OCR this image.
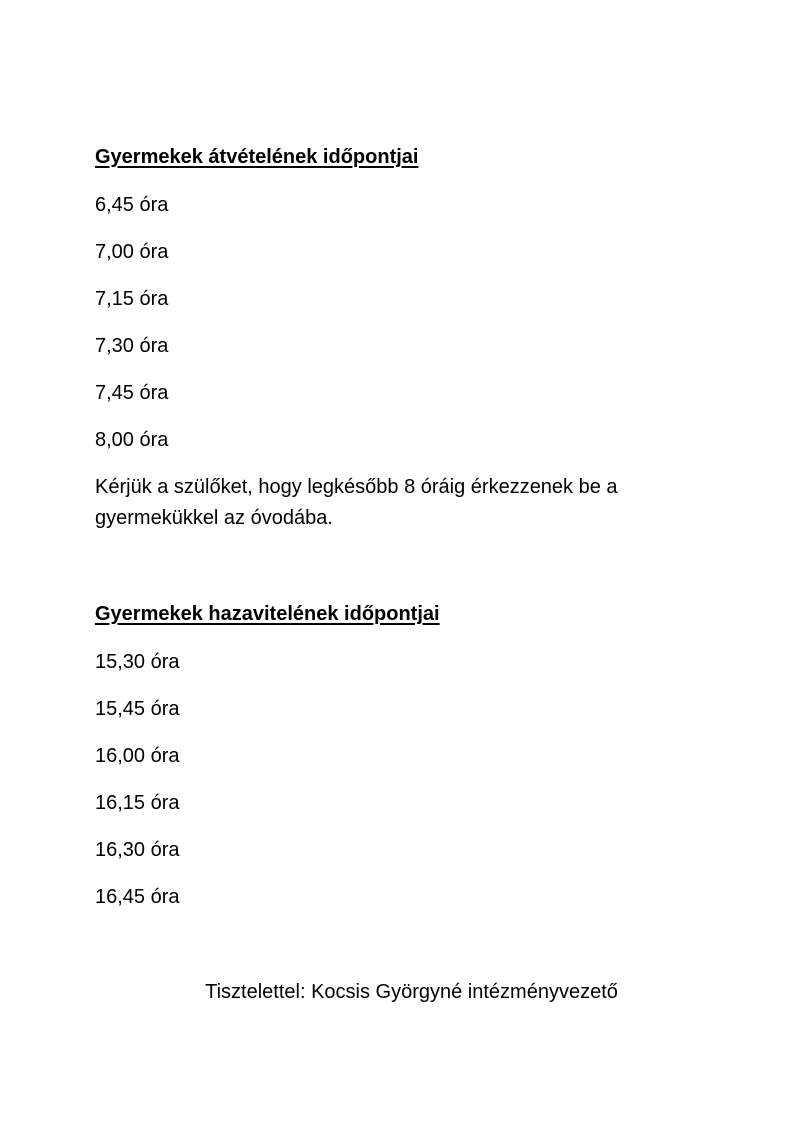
Gyermekek átvételének időpontjai
6,45 óra
7,00 óra
7,15 óra
7,30 óra
7,45 óra
8,00 óra
Kérjük a szülőket, hogy legkésőbb 8 óráig érkezzenek be a gyermekükkel az óvodába.
Gyermekek hazavitelének időpontjai
15,30 óra
15,45 óra
16,00 óra
16,15 óra
16,30 óra
16,45 óra
Tisztelettel: Kocsis Györgyné intézményvezető
